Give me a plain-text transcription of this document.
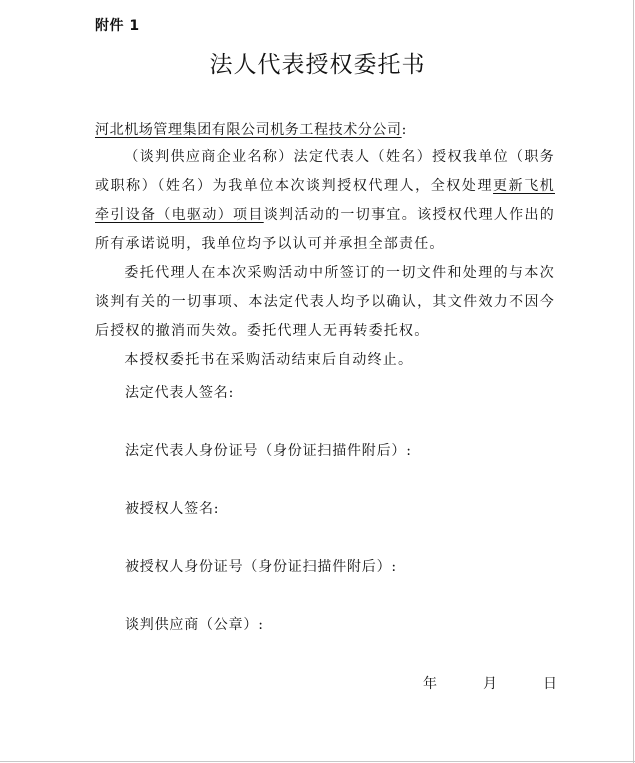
附件 1
法人代表授权委托书
河北机场管理集团有限公司机务工程技术分公司:
（谈判供应商企业名称）法定代表人（姓名）授权我单位（职务或职称）（姓名）为我单位本次谈判授权代理人，全权处理更新飞机牵引设备（电驱动）项目谈判活动的一切事宜。该授权代理人作出的所有承诺说明，我单位均予以认可并承担全部责任。
委托代理人在本次采购活动中所签订的一切文件和处理的与本次谈判有关的一切事项、本法定代表人均予以确认，其文件效力不因今后授权的撤消而失效。委托代理人无再转委托权。
本授权委托书在采购活动结束后自动终止。
法定代表人签名:
法定代表人身份证号（身份证扫描件附后）:
被授权人签名:
被授权人身份证号（身份证扫描件附后）:
谈判供应商（公章）:
年	月	日
